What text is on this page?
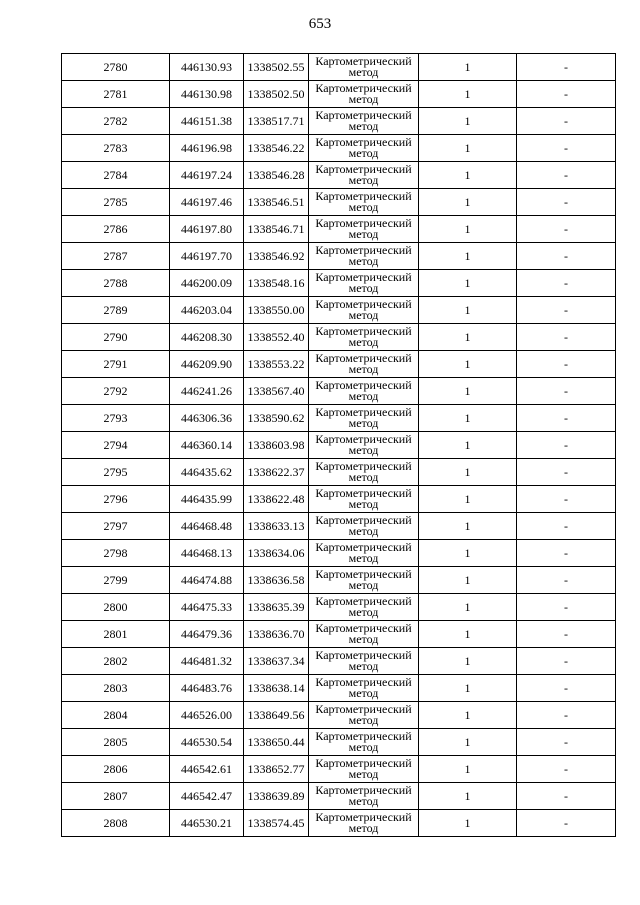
653
2780	446130.93	1338502.55	Картометрический
метод	1	-
2781	446130.98	1338502.50	Картометрический
метод	1	-
2782	446151.38	1338517.71	Картометрический
метод	1	-
2783	446196.98	1338546.22	Картометрический
метод	1	-
2784	446197.24	1338546.28	Картометрический
метод	1	-
2785	446197.46	1338546.51	Картометрический
метод	1	-
2786	446197.80	1338546.71	Картометрический
метод	1	-
2787	446197.70	1338546.92	Картометрический
метод	1	-
2788	446200.09	1338548.16	Картометрический
метод	1	-
2789	446203.04	1338550.00	Картометрический
метод	1	-
2790	446208.30	1338552.40	Картометрический
метод	1	-
2791	446209.90	1338553.22	Картометрический
метод	1	-
2792	446241.26	1338567.40	Картометрический
метод	1	-
2793	446306.36	1338590.62	Картометрический
метод	1	-
2794	446360.14	1338603.98	Картометрический
метод	1	-
2795	446435.62	1338622.37	Картометрический
метод	1	-
2796	446435.99	1338622.48	Картометрический
метод	1	-
2797	446468.48	1338633.13	Картометрический
метод	1	-
2798	446468.13	1338634.06	Картометрический
метод	1	-
2799	446474.88	1338636.58	Картометрический
метод	1	-
2800	446475.33	1338635.39	Картометрический
метод	1	-
2801	446479.36	1338636.70	Картометрический
метод	1	-
2802	446481.32	1338637.34	Картометрический
метод	1	-
2803	446483.76	1338638.14	Картометрический
метод	1	-
2804	446526.00	1338649.56	Картометрический
метод	1	-
2805	446530.54	1338650.44	Картометрический
метод	1	-
2806	446542.61	1338652.77	Картометрический
метод	1	-
2807	446542.47	1338639.89	Картометрический
метод	1	-
2808	446530.21	1338574.45	Картометрический
метод	1	-
